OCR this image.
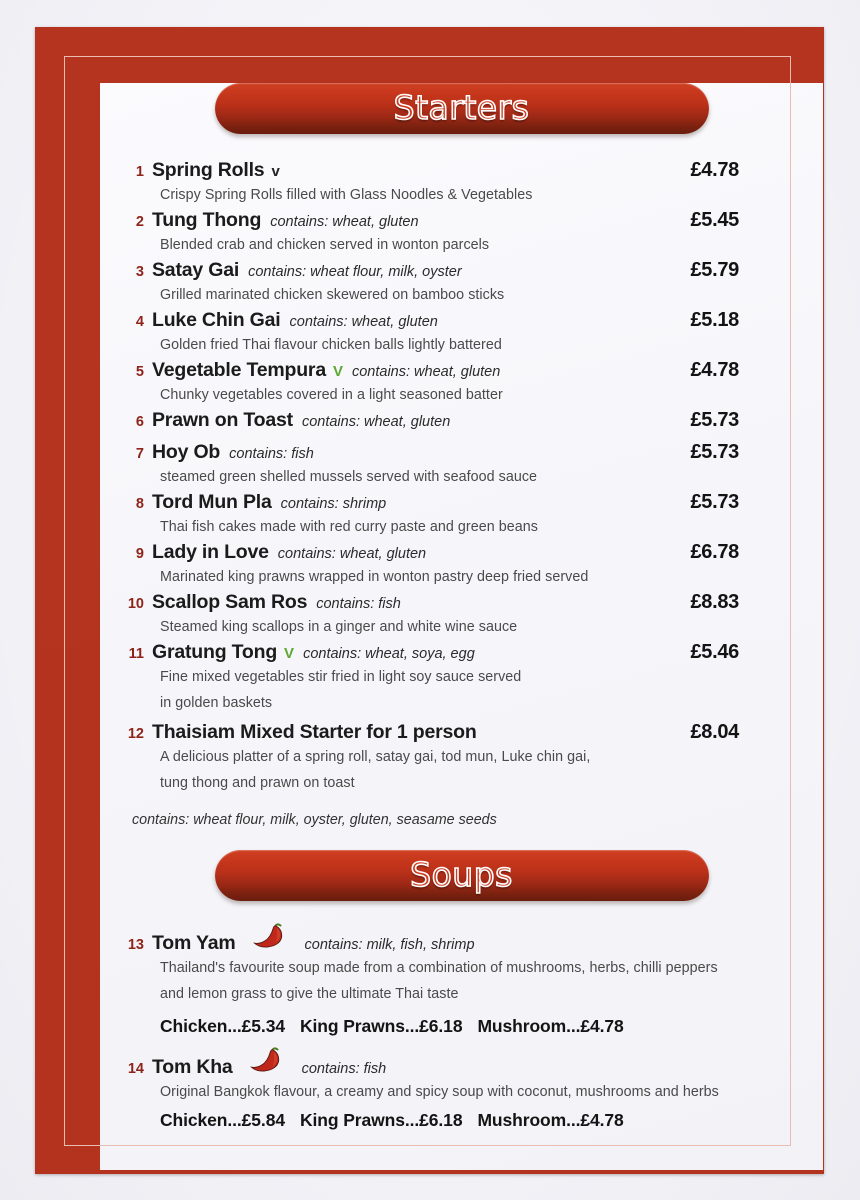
Starters
1 Spring Rolls v	£4.78
Crispy Spring Rolls filled with Glass Noodles & Vegetables
2 Tung Thong contains: wheat, gluten	£5.45
Blended crab and chicken served in wonton parcels
3 Satay Gai contains: wheat flour, milk, oyster	£5.79
Grilled marinated chicken skewered on bamboo sticks
4 Luke Chin Gai contains: wheat, gluten	£5.18
Golden fried Thai flavour chicken balls lightly battered
5 Vegetable Tempura V contains: wheat, gluten	£4.78
Chunky vegetables covered in a light seasoned batter
6 Prawn on Toast contains: wheat, gluten	£5.73
7 Hoy Ob contains: fish	£5.73
steamed green shelled mussels served with seafood sauce
8 Tord Mun Pla contains: shrimp	£5.73
Thai fish cakes made with red curry paste and green beans
9 Lady in Love contains: wheat, gluten	£6.78
Marinated king prawns wrapped in wonton pastry deep fried served
10 Scallop Sam Ros contains: fish	£8.83
Steamed king scallops in a ginger and white wine sauce
11 Gratung Tong V contains: wheat, soya, egg	£5.46
Fine mixed vegetables stir fried in light soy sauce served
in golden baskets
12 Thaisiam Mixed Starter for 1 person	£8.04
A delicious platter of a spring roll, satay gai, tod mun, Luke chin gai,
tung thong and prawn on toast
contains: wheat flour, milk, oyster, gluten, seasame seeds
Soups
13 Tom Yam	contains: milk, fish, shrimp
Thailand's favourite soup made from a combination of mushrooms, herbs, chilli peppers
and lemon grass to give the ultimate Thai taste
Chicken...£5.34 King Prawns...£6.18 Mushroom...£4.78
14 Tom Kha	contains: fish
Original Bangkok flavour, a creamy and spicy soup with coconut, mushrooms and herbs
Chicken...£5.84 King Prawns...£6.18 Mushroom...£4.78
